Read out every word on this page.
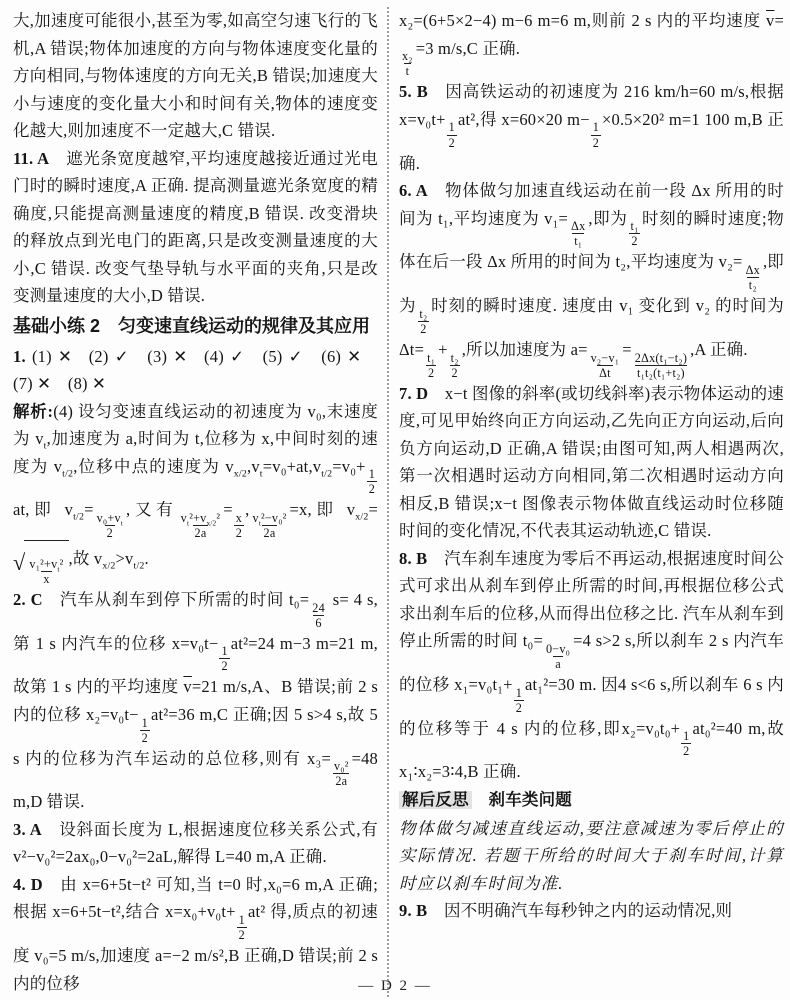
大,加速度可能很小,甚至为零,如高空匀速飞行的飞机,A 错误;物体加速度的方向与物体速度变化量的方向相同,与物体速度的方向无关,B 错误;加速度大小与速度的变化量大小和时间有关,物体的速度变化越大,则加速度不一定越大,C 错误.
11. A 遮光条宽度越窄,平均速度越接近通过光电门时的瞬时速度,A 正确. 提高测量遮光条宽度的精确度,只能提高测量速度的精度,B 错误. 改变滑块的释放点到光电门的距离,只是改变测量速度的大小,C 错误. 改变气垫导轨与水平面的夹角,只是改变测量速度的大小,D 错误.
基础小练 2 匀变速直线运动的规律及其应用
1. (1) ✕ (2) ✓ (3) ✕ (4) ✓ (5) ✓ (6) ✕ (7) ✕ (8) ✕
解析:(4) 设匀变速直线运动的初速度为 v₀,末速度为 $v_t$,加速度为 a,时间为 t,位移为 x,中间时刻的速度为 $v_{t/2}$,位移中点的速度为 $v_{x/2},v_t=v_0+at,v_{t/2}=v_0+$
$\frac{1}{2}$
at,即 $v_{t/2}=$
$\frac{v_0+v_t}{2}$
,又有
$\frac{v_t^2+v_{x/2}^2}{2a}$
=
$\frac{x}{2}$
,
$\frac{v_t^2-v_0^2}{2a}$
=x,即 $v_{x/2}=$
√ $\frac{v_1^2+v_t^2}{x}$ ,故 $v_{x/2}>v_{t/2}$.
2. C 汽车从刹车到停下所需的时间 t₀=
$\frac{24}{6}$
s= 4 s,第 1 s 内汽车的位移 x=v₀t−
$\frac{1}{2}$
at²=24 m−3 m=21 m,故第 1 s 内的平均速度 $\overline{v}=21$ m/s,A、B 错误;前 2 s 内的位移 x₂=v₀t−
$\frac{1}{2}$
at²=36 m,C 正确;因 5 s>4 s,故 5 s 内的位移为汽车运动的总位移,则有 x₃=
$\frac{\text{v₀²}}{2a}$
=48 m,D 错误.
3. A 设斜面长度为 L,根据速度位移关系公式,有 v²−v₀²=2ax₀,0−v₀²=2aL,解得 L=40 m,A 正确.
4. D 由 x=6+5t−t² 可知,当 t=0 时,x₀=6 m,A 正确;根据 x=6+5t−t²,结合 x=x₀+v₀t+
$\frac{1}{2}$
at² 得,质点的初速度 v₀=5 m/s,加速度 a=−2 m/s²,B 正确,D 错误;前 2 s 内的位移
x₂=(6+5×2−4) m−6 m=6 m,则前 2 s 内的平均速度 $\overline{v}=$
$\frac{\text{x₂}}{t}$
=3 m/s,C 正确.
5. B 因高铁运动的初速度为 216 km/h=60 m/s,根据 x=v₀t+
$\frac{1}{2}$
at²,得 x=60×20 m−
$\frac{1}{2}$
×0.5×20² m=1 100 m,B 正确.
6. A 物体做匀加速直线运动在前一段 Δx 所用的时间为 t₁,平均速度为 v₁=
$\frac{\Delta x}{\text{t₁}}$
,即为
$\frac{\text{t₁}}{2}$
时刻的瞬时速度;物体在后一段 Δx 所用的时间为 t₂,平均速度为 v₂=
$\frac{\Delta x}{\text{t₂}}$
,即为
$\frac{\text{t₂}}{2}$
时刻的瞬时速度. 速度由 v₁ 变化到 v₂ 的时间为 Δt=
$\frac{\text{t₁}}{2}$
+
$\frac{\text{t₂}}{2}$
,所以加速度为 a=
$\frac{\text{v₂−v₁}}{\Delta t}$
=
$\frac{\text{2Δx(t₁−t₂)}}{\text{t₁t₂(t₁+t₂)}}$
,A 正确.
7. D x−t 图像的斜率(或切线斜率)表示物体运动的速度,可见甲始终向正方向运动,乙先向正方向运动,后向负方向运动,D 正确,A 错误;由图可知,两人相遇两次,第一次相遇时运动方向相同,第二次相遇时运动方向相反,B 错误;x−t 图像表示物体做直线运动时位移随时间的变化情况,不代表其运动轨迹,C 错误.
8. B 汽车刹车速度为零后不再运动,根据速度时间公式可求出从刹车到停止所需的时间,再根据位移公式求出刹车后的位移,从而得出位移之比. 汽车从刹车到停止所需的时间 t₀=
$\frac{\text{0−v₀}}{a}$
=4 s>2 s,所以刹车 2 s 内汽车的位移 x₁=v₀t₁+
$\frac{1}{2}$
at₁²=30 m. 因4 s<6 s,所以刹车 6 s 内的位移等于 4 s 内的位移,即x₂=v₀t₀+
$\frac{1}{2}$
at₀²=40 m,故 x₁∶x₂=3∶4,B 正确.
解后反思 刹车类问题
物体做匀减速直线运动,要注意减速为零后停止的实际情况. 若题干所给的时间大于刹车时间,计算时应以刹车时间为准.
9. B 因不明确汽车每秒钟之内的运动情况,则
— D 2 —
